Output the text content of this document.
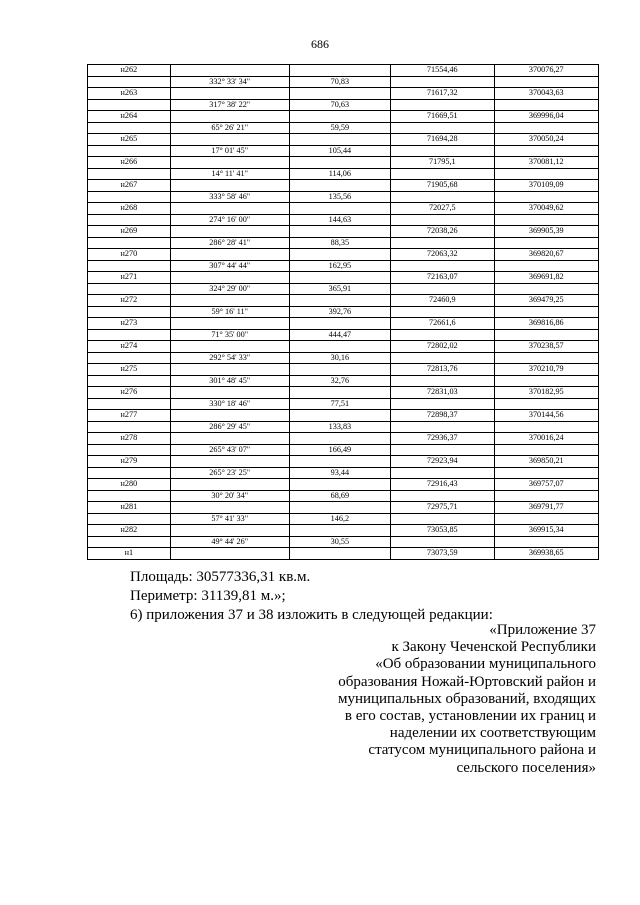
686
н262			71554,46	370076,27
	332° 33' 34"	70,83		
н263			71617,32	370043,63
	317° 38' 22"	70,63		
н264			71669,51	369996,04
	65° 26' 21"	59,59		
н265			71694,28	370050,24
	17° 01' 45"	105,44		
н266			71795,1	370081,12
	14° 11' 41"	114,06		
н267			71905,68	370109,09
	333° 58' 46"	135,56		
н268			72027,5	370049,62
	274° 16' 00"	144,63		
н269			72038,26	369905,39
	286° 28' 41"	88,35		
н270			72063,32	369820,67
	307° 44' 44"	162,95		
н271			72163,07	369691,82
	324° 29' 00"	365,91		
н272			72460,9	369479,25
	59° 16' 11"	392,76		
н273			72661,6	369816,86
	71° 35' 00"	444,47		
н274			72802,02	370238,57
	292° 54' 33"	30,16		
н275			72813,76	370210,79
	301° 48' 45"	32,76		
н276			72831,03	370182,95
	330° 18' 46"	77,51		
н277			72898,37	370144,56
	286° 29' 45"	133,83		
н278			72936,37	370016,24
	265° 43' 07"	166,49		
н279			72923,94	369850,21
	265° 23' 25"	93,44		
н280			72916,43	369757,07
	30° 20' 34"	68,69		
н281			72975,71	369791,77
	57° 41' 33"	146,2		
н282			73053,85	369915,34
	49° 44' 26"	30,55		
н1			73073,59	369938,65
Площадь: 30577336,31 кв.м.
Периметр: 31139,81 м.»;
6) приложения 37 и 38 изложить в следующей редакции:
«Приложение 37
к Закону Чеченской Республики
«Об образовании муниципального
образования Ножай-Юртовский район и
муниципальных образований, входящих
в его состав, установлении их границ и
наделении их соответствующим
статусом муниципального района и
сельского поселения»
